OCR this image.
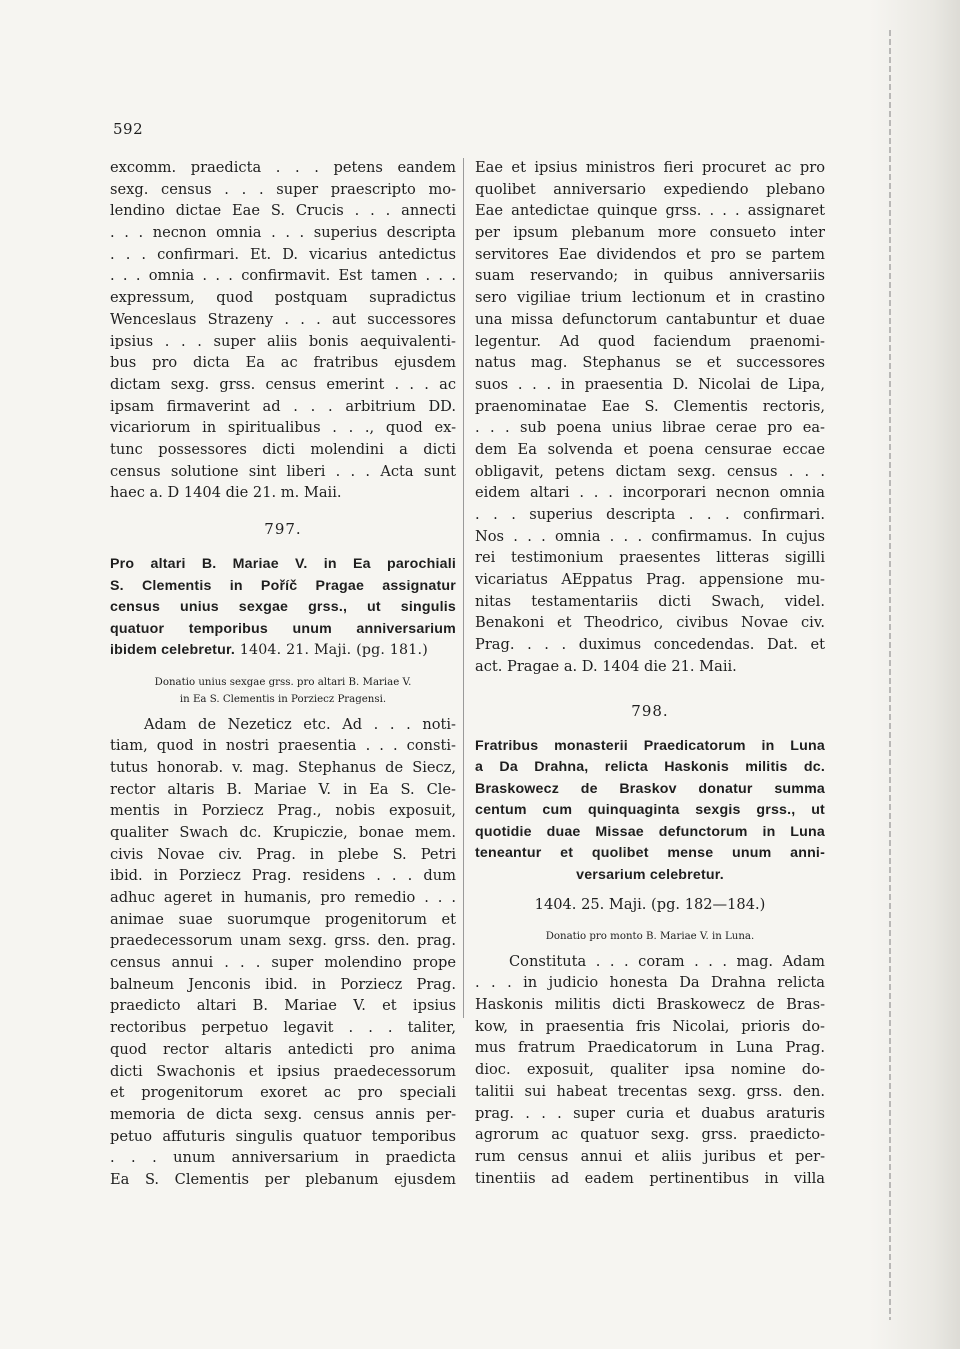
592
excomm. praedicta . . . petens eandem
sexg. census . . . super praescripto mo-
lendino dictae Eae S. Crucis . . . annecti
. . . necnon omnia . . . superius descripta
. . . confirmari. Et. D. vicarius antedictus
. . . omnia . . . confirmavit. Est tamen . . .
expressum, quod postquam supradictus
Wenceslaus Strazeny . . . aut successores
ipsius . . . super aliis bonis aequivalenti-
bus pro dicta Ea ac fratribus ejusdem
dictam sexg. grss. census emerint . . . ac
ipsam firmaverint ad . . . arbitrium DD.
vicariorum in spiritualibus . . ., quod ex-
tunc possessores dicti molendini a dicti
census solutione sint liberi . . . Acta sunt
haec a. D 1404 die 21. m. Maii.
797.
Pro altari B. Mariae V. in Ea parochiali
S. Clementis in Poříč Pragae assignatur
census unius sexgae grss., ut singulis
quatuor temporibus unum anniversarium
ibidem celebretur. 1404. 21. Maji. (pg. 181.)
Donatio unius sexgae grss. pro altari B. Mariae V.
in Ea S. Clementis in Porziecz Pragensi.
Adam de Nezeticz etc. Ad . . . noti-
tiam, quod in nostri praesentia . . . consti-
tutus honorab. v. mag. Stephanus de Siecz,
rector altaris B. Mariae V. in Ea S. Cle-
mentis in Porziecz Prag., nobis exposuit,
qualiter Swach dc. Krupiczie, bonae mem.
civis Novae civ. Prag. in plebe S. Petri
ibid. in Porziecz Prag. residens . . . dum
adhuc ageret in humanis, pro remedio . . .
animae suae suorumque progenitorum et
praedecessorum unam sexg. grss. den. prag.
census annui . . . super molendino prope
balneum Jenconis ibid. in Porziecz Prag.
praedicto altari B. Mariae V. et ipsius
rectoribus perpetuo legavit . . . taliter,
quod rector altaris antedicti pro anima
dicti Swachonis et ipsius praedecessorum
et progenitorum exoret ac pro speciali
memoria de dicta sexg. census annis per-
petuo affuturis singulis quatuor temporibus
. . . unum anniversarium in praedicta
Ea S. Clementis per plebanum ejusdem
Eae et ipsius ministros fieri procuret ac pro
quolibet anniversario expediendo plebano
Eae antedictae quinque grss. . . . assignaret
per ipsum plebanum more consueto inter
servitores Eae dividendos et pro se partem
suam reservando; in quibus anniversariis
sero vigiliae trium lectionum et in crastino
una missa defunctorum cantabuntur et duae
legentur. Ad quod faciendum praenomi-
natus mag. Stephanus se et successores
suos . . . in praesentia D. Nicolai de Lipa,
praenominatae Eae S. Clementis rectoris,
. . . sub poena unius librae cerae pro ea-
dem Ea solvenda et poena censurae eccae
obligavit, petens dictam sexg. census . . .
eidem altari . . . incorporari necnon omnia
. . . superius descripta . . . confirmari.
Nos . . . omnia . . . confirmamus. In cujus
rei testimonium praesentes litteras sigilli
vicariatus AEppatus Prag. appensione mu-
nitas testamentariis dicti Swach, videl.
Benakoni et Theodrico, civibus Novae civ.
Prag. . . . duximus concedendas. Dat. et
act. Pragae a. D. 1404 die 21. Maii.
798.
Fratribus monasterii Praedicatorum in Luna
a Da Drahna, relicta Haskonis militis dc.
Braskowecz de Braskov donatur summa
centum cum quinquaginta sexgis grss., ut
quotidie duae Missae defunctorum in Luna
teneantur et quolibet mense unum anni-
versarium celebretur.
1404. 25. Maji. (pg. 182—184.)
Donatio pro monto B. Mariae V. in Luna.
Constituta . . . coram . . . mag. Adam
. . . in judicio honesta Da Drahna relicta
Haskonis militis dicti Braskowecz de Bras-
kow, in praesentia fris Nicolai, prioris do-
mus fratrum Praedicatorum in Luna Prag.
dioc. exposuit, qualiter ipsa nomine do-
talitii sui habeat trecentas sexg. grss. den.
prag. . . . super curia et duabus araturis
agrorum ac quatuor sexg. grss. praedicto-
rum census annui et aliis juribus et per-
tinentiis ad eadem pertinentibus in villa
